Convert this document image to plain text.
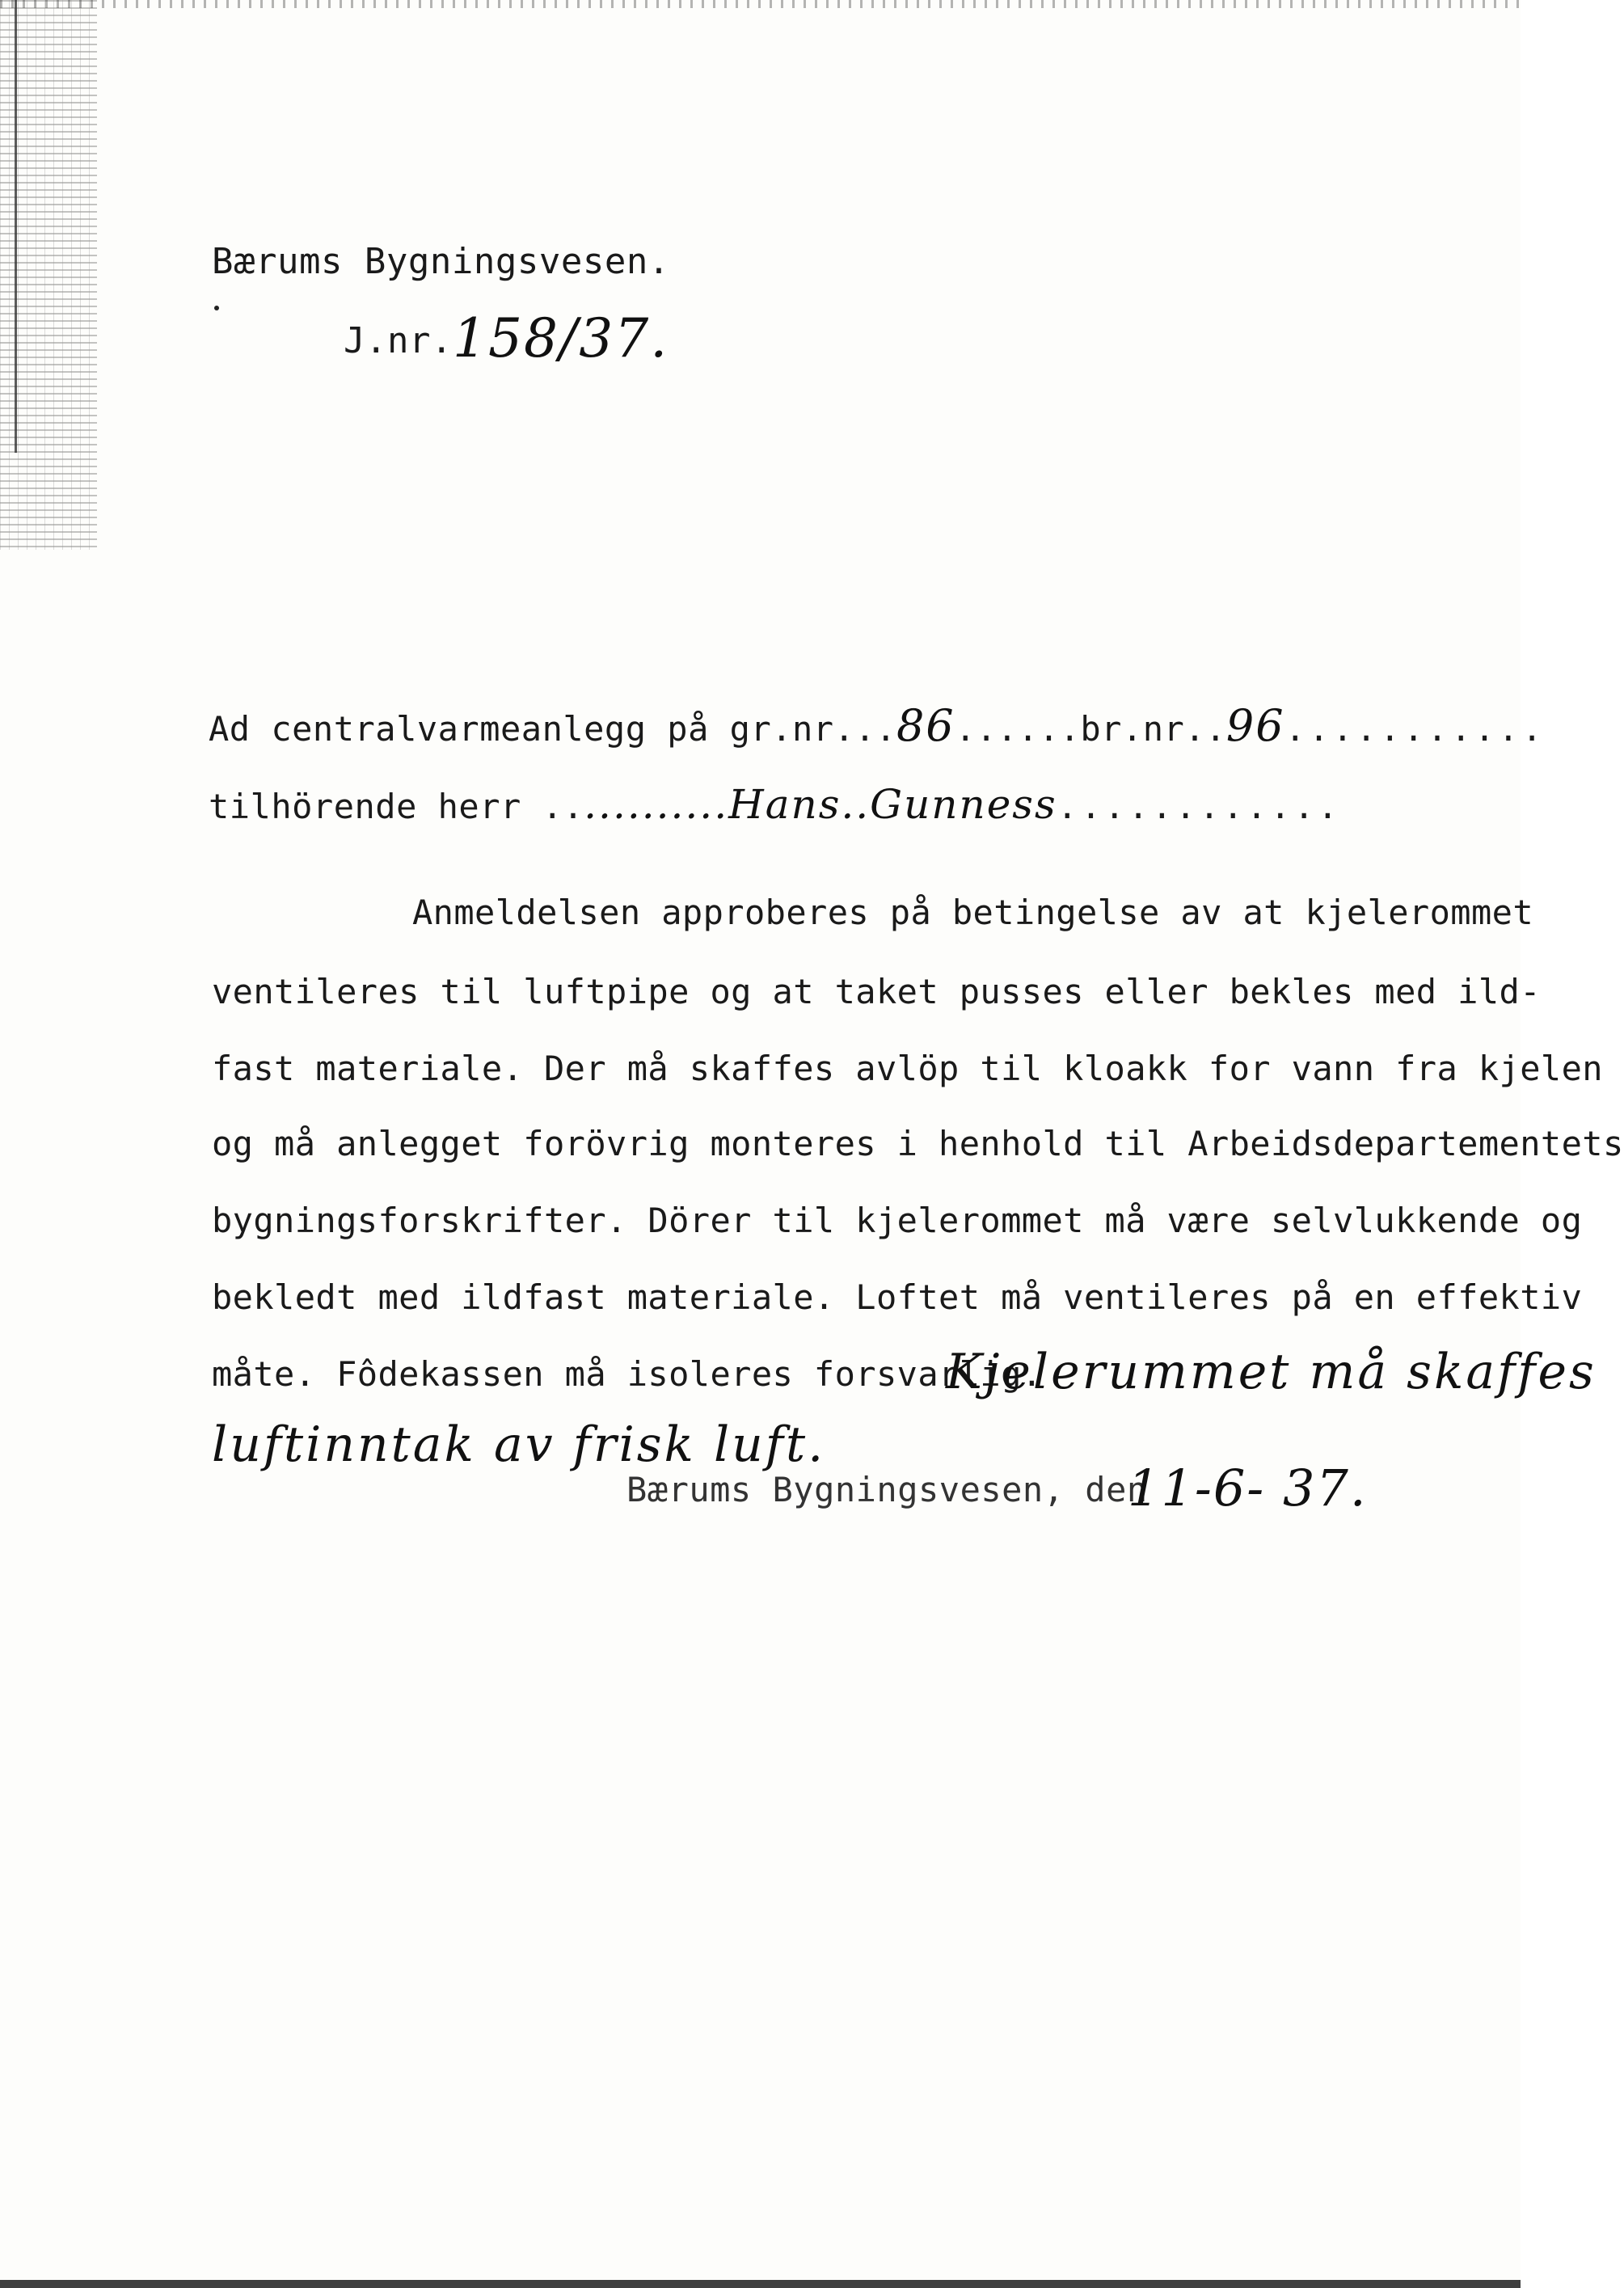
Bærums Bygningsvesen.
J.nr. 158/37.
Ad centralvarmeanlegg på gr.nr...86......br.nr..96...........
tilhörende herr ............Hans..Gunness............
Anmeldelsen approberes på betingelse av at kjelerommet
ventileres til luftpipe og at taket pusses eller bekles med ild-
fast materiale. Der må skaffes avlöp til kloakk for vann fra kjelen
og må anlegget forövrig monteres i henhold til Arbeidsdepartementets
bygningsforskrifter. Dörer til kjelerommet må være selvlukkende og
bekledt med ildfast materiale. Loftet må ventileres på en effektiv
måte. Fôdekassen må isoleres forsvarlig.
Kjelerummet må skaffes
luftinntak av frisk luft.
Bærums Bygningsvesen, den
11-6- 37.
